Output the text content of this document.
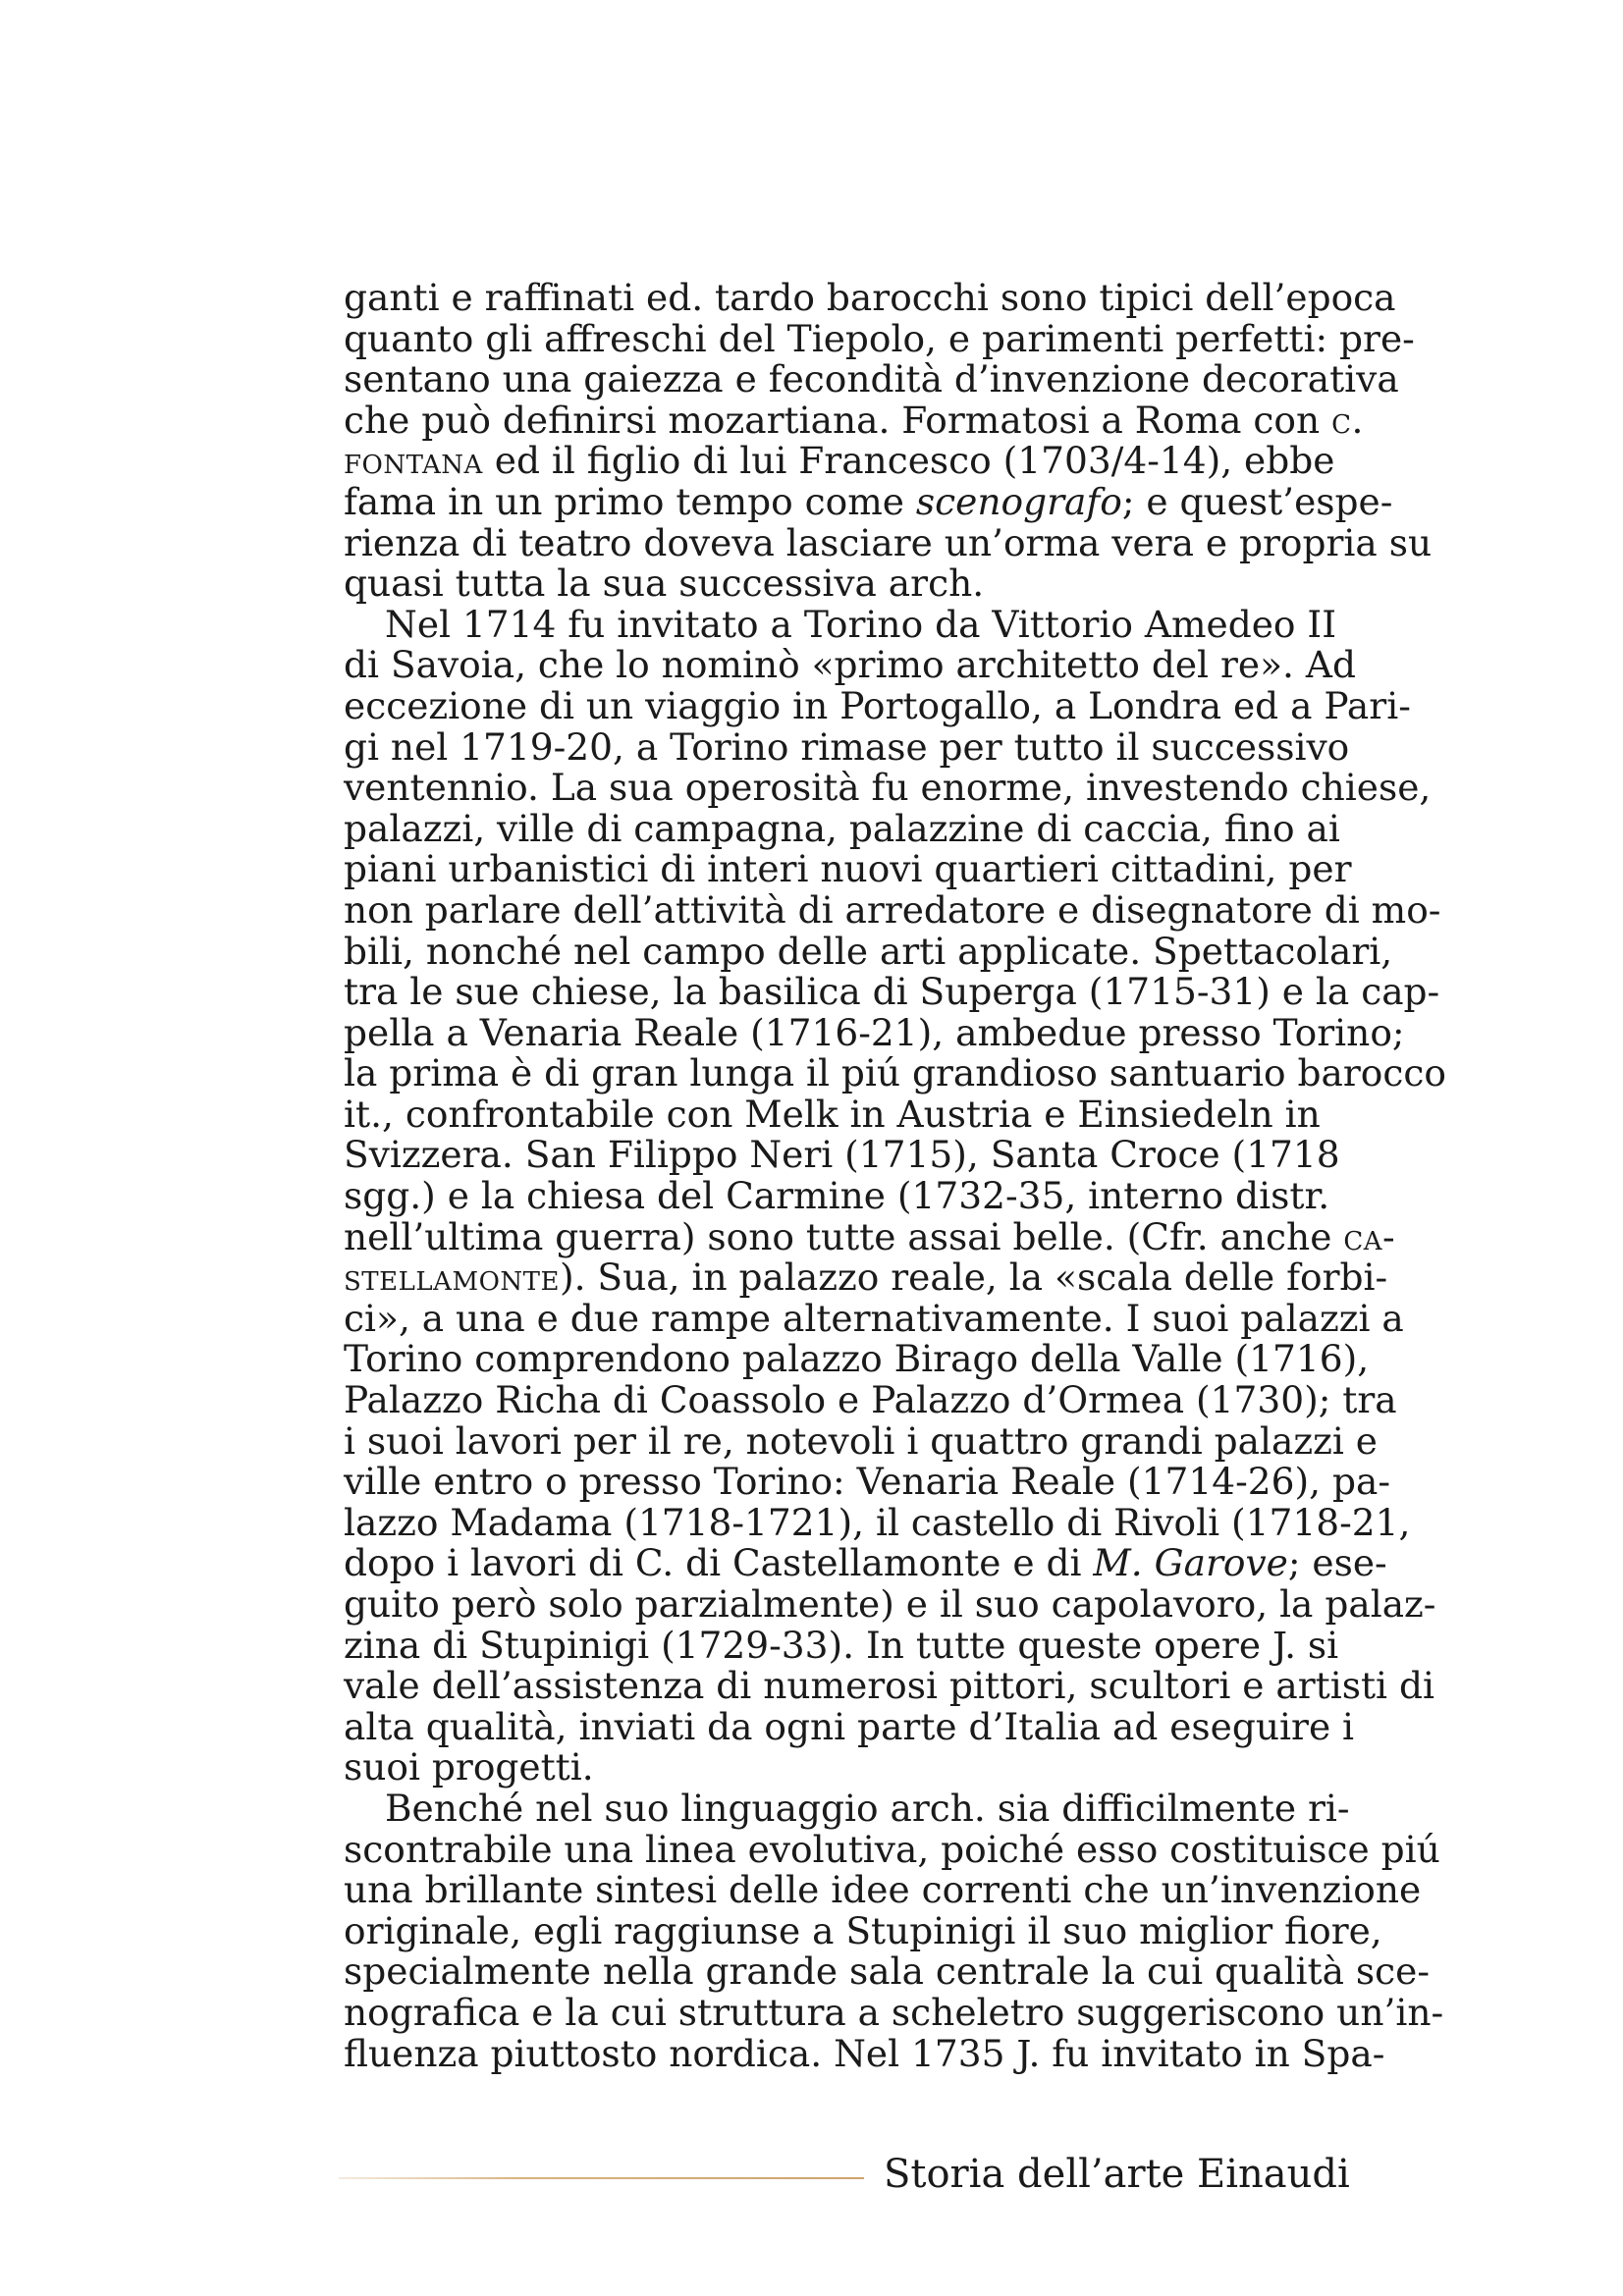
ganti e raffinati ed. tardo barocchi sono tipici dell’epoca
quanto gli affreschi del Tiepolo, e parimenti perfetti: pre-
sentano una gaiezza e fecondità d’invenzione decorativa
che può definirsi mozartiana. Formatosi a Roma con c.
fontana ed il figlio di lui Francesco (1703/4-14), ebbe
fama in un primo tempo come scenografo; e quest’espe-
rienza di teatro doveva lasciare un’orma vera e propria su
quasi tutta la sua successiva arch.
Nel 1714 fu invitato a Torino da Vittorio Amedeo II
di Savoia, che lo nominò «primo architetto del re». Ad
eccezione di un viaggio in Portogallo, a Londra ed a Pari-
gi nel 1719-20, a Torino rimase per tutto il successivo
ventennio. La sua operosità fu enorme, investendo chiese,
palazzi, ville di campagna, palazzine di caccia, fino ai
piani urbanistici di interi nuovi quartieri cittadini, per
non parlare dell’attività di arredatore e disegnatore di mo-
bili, nonché nel campo delle arti applicate. Spettacolari,
tra le sue chiese, la basilica di Superga (1715-31) e la cap-
pella a Venaria Reale (1716-21), ambedue presso Torino;
la prima è di gran lunga il piú grandioso santuario barocco
it., confrontabile con Melk in Austria e Einsiedeln in
Svizzera. San Filippo Neri (1715), Santa Croce (1718
sgg.) e la chiesa del Carmine (1732-35, interno distr.
nell’ultima guerra) sono tutte assai belle. (Cfr. anche ca-
stellamonte). Sua, in palazzo reale, la «scala delle forbi-
ci», a una e due rampe alternativamente. I suoi palazzi a
Torino comprendono palazzo Birago della Valle (1716),
Palazzo Richa di Coassolo e Palazzo d’Ormea (1730); tra
i suoi lavori per il re, notevoli i quattro grandi palazzi e
ville entro o presso Torino: Venaria Reale (1714-26), pa-
lazzo Madama (1718-1721), il castello di Rivoli (1718-21,
dopo i lavori di C. di Castellamonte e di M. Garove; ese-
guito però solo parzialmente) e il suo capolavoro, la palaz-
zina di Stupinigi (1729-33). In tutte queste opere J. si
vale dell’assistenza di numerosi pittori, scultori e artisti di
alta qualità, inviati da ogni parte d’Italia ad eseguire i
suoi progetti.
Benché nel suo linguaggio arch. sia difficilmente ri-
scontrabile una linea evolutiva, poiché esso costituisce piú
una brillante sintesi delle idee correnti che un’invenzione
originale, egli raggiunse a Stupinigi il suo miglior fiore,
specialmente nella grande sala centrale la cui qualità sce-
nografica e la cui struttura a scheletro suggeriscono un’in-
fluenza piuttosto nordica. Nel 1735 J. fu invitato in Spa-
Storia dell’arte Einaudi
